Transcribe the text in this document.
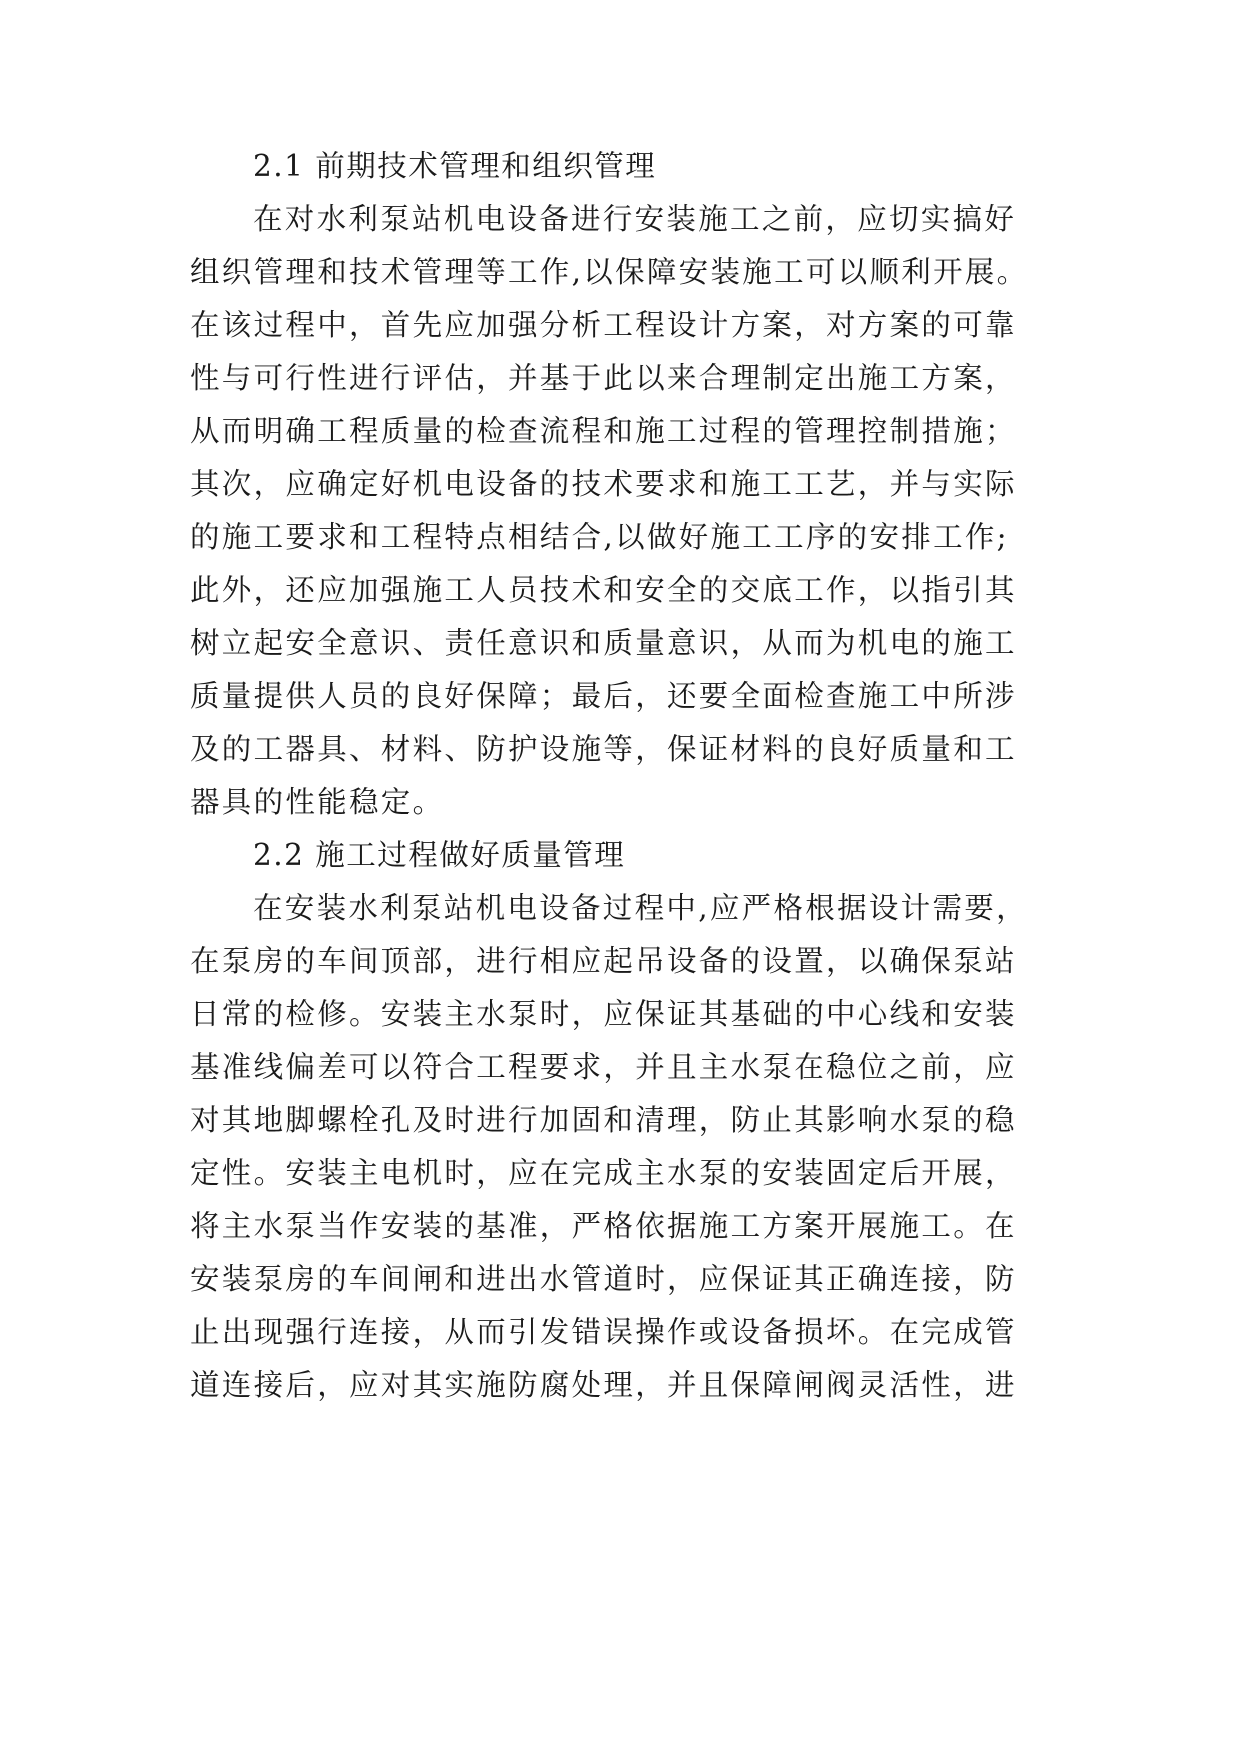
2.1 前期技术管理和组织管理
在对水利泵站机电设备进行安装施工之前，应切实搞好
组织管理和技术管理等工作,以保障安装施工可以顺利开展。
在该过程中，首先应加强分析工程设计方案，对方案的可靠
性与可行性进行评估，并基于此以来合理制定出施工方案，
从而明确工程质量的检查流程和施工过程的管理控制措施；
其次，应确定好机电设备的技术要求和施工工艺，并与实际
的施工要求和工程特点相结合,以做好施工工序的安排工作;
此外，还应加强施工人员技术和安全的交底工作，以指引其
树立起安全意识、责任意识和质量意识，从而为机电的施工
质量提供人员的良好保障；最后，还要全面检查施工中所涉
及的工器具、材料、防护设施等，保证材料的良好质量和工
器具的性能稳定。
2.2 施工过程做好质量管理
在安装水利泵站机电设备过程中,应严格根据设计需要，
在泵房的车间顶部，进行相应起吊设备的设置，以确保泵站
日常的检修。安装主水泵时，应保证其基础的中心线和安装
基准线偏差可以符合工程要求，并且主水泵在稳位之前，应
对其地脚螺栓孔及时进行加固和清理，防止其影响水泵的稳
定性。安装主电机时，应在完成主水泵的安装固定后开展，
将主水泵当作安装的基准，严格依据施工方案开展施工。在
安装泵房的车间闸和进出水管道时，应保证其正确连接，防
止出现强行连接，从而引发错误操作或设备损坏。在完成管
道连接后，应对其实施防腐处理，并且保障闸阀灵活性，进
